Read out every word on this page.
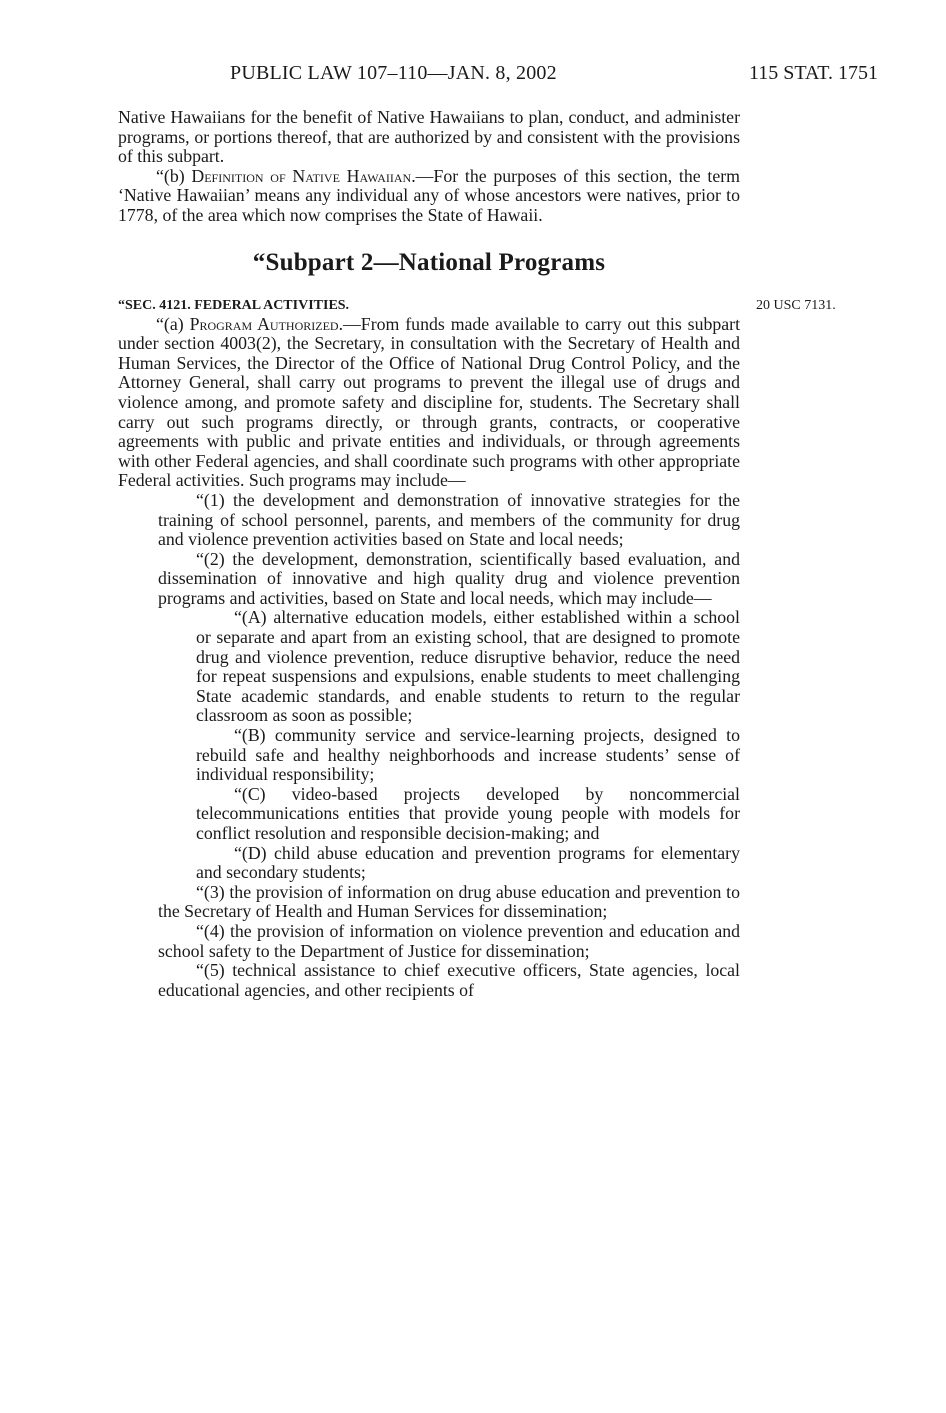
PUBLIC LAW 107–110—JAN. 8, 2002	115 STAT. 1751

Native Hawaiians for the benefit of Native Hawaiians to plan, conduct, and administer programs, or portions thereof, that are authorized by and consistent with the provisions of this subpart.

“(b) Definition of Native Hawaiian.—For the purposes of this section, the term ‘Native Hawaiian’ means any individual any of whose ancestors were natives, prior to 1778, of the area which now comprises the State of Hawaii.

“Subpart 2—National Programs
“SEC. 4121. FEDERAL ACTIVITIES.	20 USC 7131.

“(a) Program Authorized.—From funds made available to carry out this subpart under section 4003(2), the Secretary, in consultation with the Secretary of Health and Human Services, the Director of the Office of National Drug Control Policy, and the Attorney General, shall carry out programs to prevent the illegal use of drugs and violence among, and promote safety and discipline for, students. The Secretary shall carry out such programs directly, or through grants, contracts, or cooperative agreements with public and private entities and individuals, or through agreements with other Federal agencies, and shall coordinate such programs with other appropriate Federal activities. Such programs may include—

“(1) the development and demonstration of innovative strategies for the training of school personnel, parents, and members of the community for drug and violence prevention activities based on State and local needs;

“(2) the development, demonstration, scientifically based evaluation, and dissemination of innovative and high quality drug and violence prevention programs and activities, based on State and local needs, which may include—

“(A) alternative education models, either established within a school or separate and apart from an existing school, that are designed to promote drug and violence prevention, reduce disruptive behavior, reduce the need for repeat suspensions and expulsions, enable students to meet challenging State academic standards, and enable students to return to the regular classroom as soon as possible;

“(B) community service and service-learning projects, designed to rebuild safe and healthy neighborhoods and increase students’ sense of individual responsibility;

“(C) video-based projects developed by noncommercial telecommunications entities that provide young people with models for conflict resolution and responsible decision-making; and

“(D) child abuse education and prevention programs for elementary and secondary students;

“(3) the provision of information on drug abuse education and prevention to the Secretary of Health and Human Services for dissemination;

“(4) the provision of information on violence prevention and education and school safety to the Department of Justice for dissemination;

“(5) technical assistance to chief executive officers, State agencies, local educational agencies, and other recipients of
